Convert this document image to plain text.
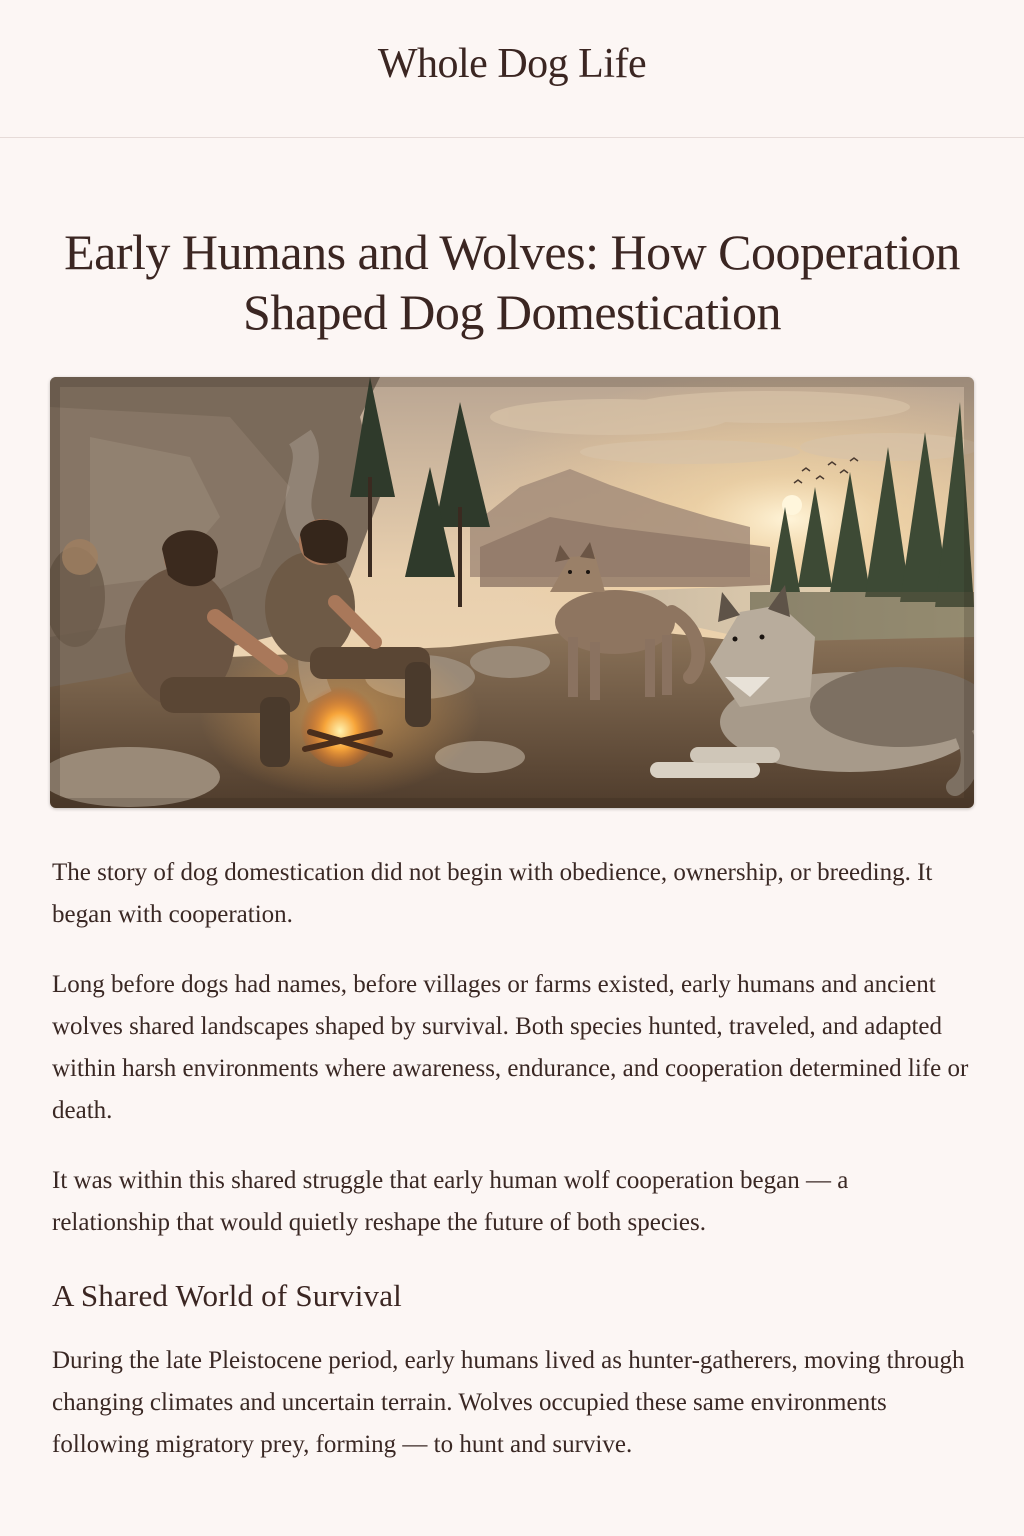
Whole Dog Life
Early Humans and Wolves: How Cooperation Shaped Dog Domestication

The story of dog domestication did not begin with obedience, ownership, or breeding. It began with cooperation.

Long before dogs had names, before villages or farms existed, early humans and ancient wolves shared landscapes shaped by survival. Both species hunted, traveled, and adapted within harsh environments where awareness, endurance, and cooperation determined life or death.

It was within this shared struggle that early human wolf cooperation began — a relationship that would quietly reshape the future of both species.

A Shared World of Survival

During the late Pleistocene period, early humans lived as hunter-gatherers, moving through changing climates and uncertain terrain. Wolves occupied these same environments following migratory prey, forming — to hunt and survive.
